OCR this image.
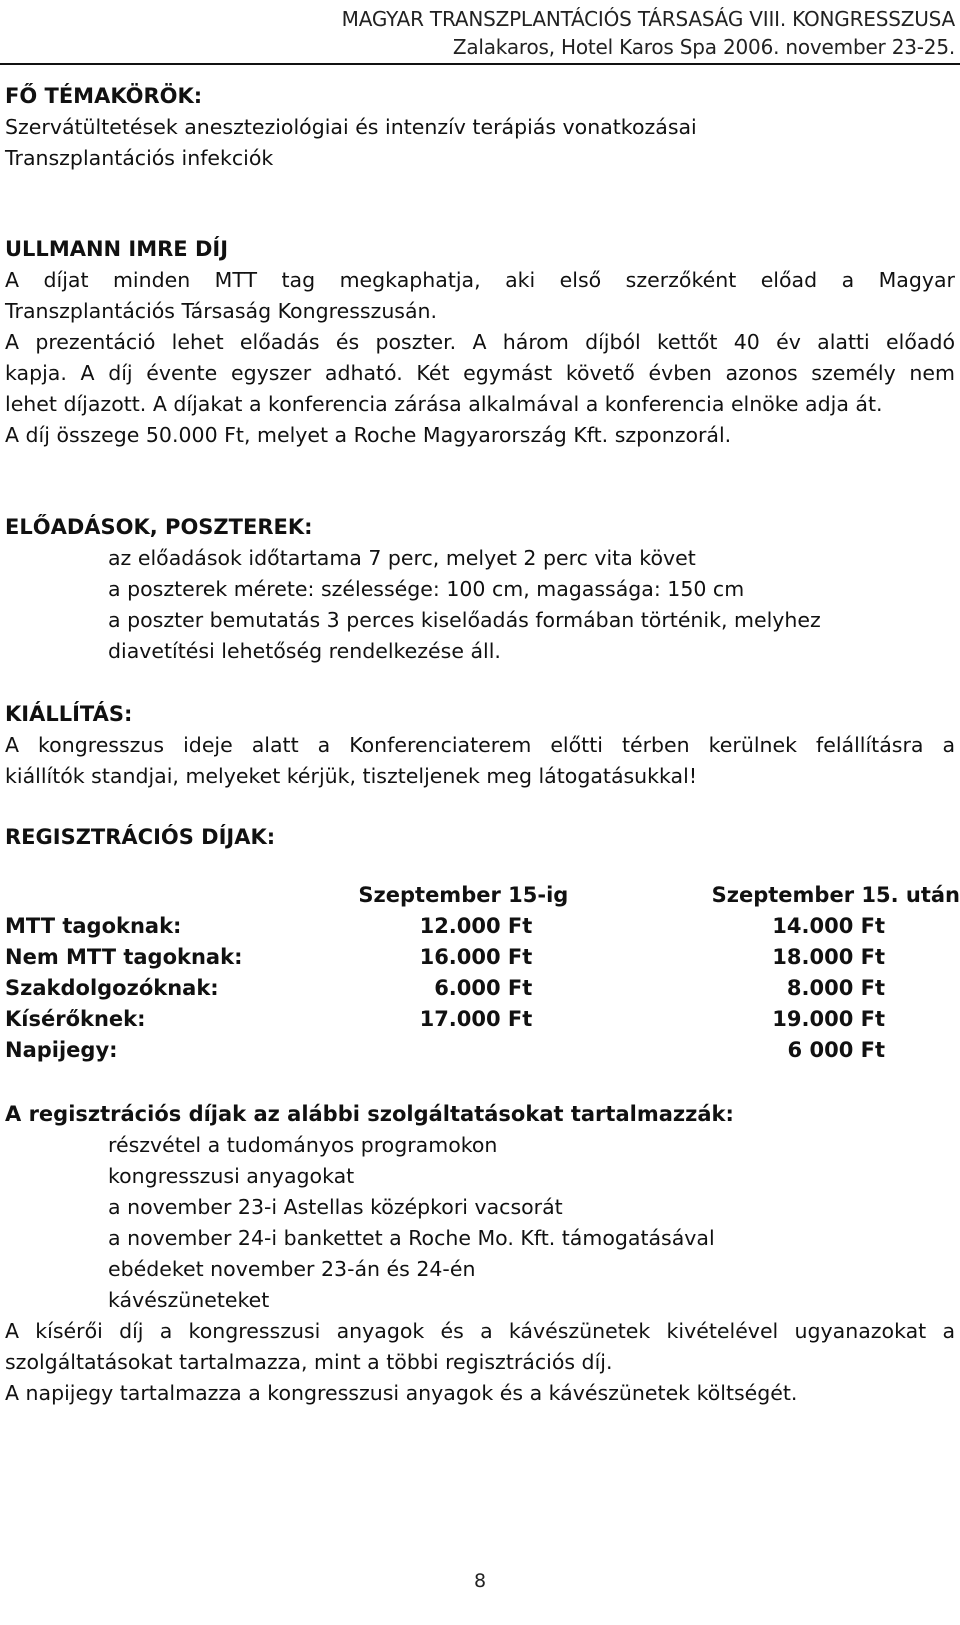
MAGYAR TRANSZPLANTÁCIÓS TÁRSASÁG VIII. KONGRESSZUSA
Zalakaros, Hotel Karos Spa 2006. november 23-25.
FŐ TÉMAKÖRÖK:
Szervátültetések aneszteziológiai és intenzív terápiás vonatkozásai
Transzplantációs infekciók
ULLMANN IMRE DÍJ
A díjat minden MTT tag megkaphatja, aki első szerzőként előad a Magyar
Transzplantációs Társaság Kongresszusán.
A prezentáció lehet előadás és poszter. A három díjból kettőt 40 év alatti előadó
kapja. A díj évente egyszer adható. Két egymást követő évben azonos személy nem
lehet díjazott. A díjakat a konferencia zárása alkalmával a konferencia elnöke adja át.
A díj összege 50.000 Ft, melyet a Roche Magyarország Kft. szponzorál.
ELŐADÁSOK, POSZTEREK:
az előadások időtartama 7 perc, melyet 2 perc vita követ
a poszterek mérete: szélessége: 100 cm, magassága: 150 cm
a poszter bemutatás 3 perces kiselőadás formában történik, melyhez
diavetítési lehetőség rendelkezése áll.
KIÁLLÍTÁS:
A kongresszus ideje alatt a Konferenciaterem előtti térben kerülnek felállításra a
kiállítók standjai, melyeket kérjük, tiszteljenek meg látogatásukkal!
REGISZTRÁCIÓS DÍJAK:
	Szeptember 15-ig	Szeptember 15. után
MTT tagoknak:	12.000 Ft	14.000 Ft
Nem MTT tagoknak:	16.000 Ft	18.000 Ft
Szakdolgozóknak:	6.000 Ft	8.000 Ft
Kísérőknek:	17.000 Ft	19.000 Ft
Napijegy:		6 000 Ft
A regisztrációs díjak az alábbi szolgáltatásokat tartalmazzák:
részvétel a tudományos programokon
kongresszusi anyagokat
a november 23-i Astellas középkori vacsorát
a november 24-i bankettet a Roche Mo. Kft. támogatásával
ebédeket november 23-án és 24-én
kávészüneteket
A kísérői díj a kongresszusi anyagok és a kávészünetek kivételével ugyanazokat a
szolgáltatásokat tartalmazza, mint a többi regisztrációs díj.
A napijegy tartalmazza a kongresszusi anyagok és a kávészünetek költségét.
8
